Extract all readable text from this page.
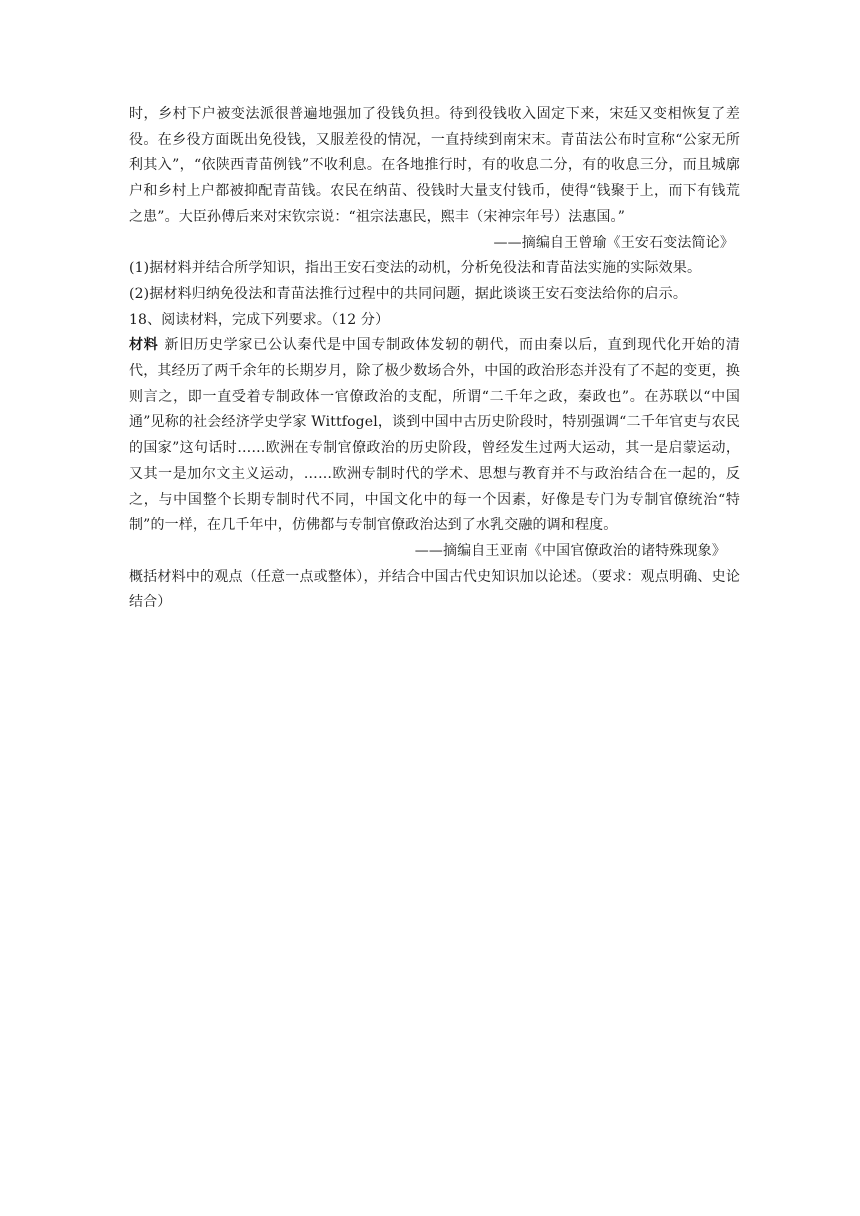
时，乡村下户被变法派很普遍地强加了役钱负担。待到役钱收入固定下来，宋廷又变相恢复了差役。在乡役方面既出免役钱，又服差役的情况，一直持续到南宋末。青苗法公布时宣称“公家无所利其入”，“依陕西青苗例钱”不收利息。在各地推行时，有的收息二分，有的收息三分，而且城廓户和乡村上户都被抑配青苗钱。农民在纳苗、役钱时大量支付钱币，使得“钱聚于上，而下有钱荒之患”。大臣孙傅后来对宋钦宗说：“祖宗法惠民，熙丰（宋神宗年号）法惠国。”

——摘编自王曾瑜《王安石变法简论》

(1)据材料并结合所学知识，指出王安石变法的动机，分析免役法和青苗法实施的实际效果。

(2)据材料归纳免役法和青苗法推行过程中的共同问题，据此谈谈王安石变法给你的启示。

18、阅读材料，完成下列要求。（12 分）

材料 新旧历史学家已公认秦代是中国专制政体发轫的朝代，而由秦以后，直到现代化开始的清代，其经历了两千余年的长期岁月，除了极少数场合外，中国的政治形态并没有了不起的变更，换则言之，即一直受着专制政体一官僚政治的支配，所谓“二千年之政，秦政也”。在苏联以“中国通”见称的社会经济学史学家 Wittfogel，谈到中国中古历史阶段时，特别强调“二千年官吏与农民的国家”这句话时……欧洲在专制官僚政治的历史阶段，曾经发生过两大运动，其一是启蒙运动，又其一是加尔文主义运动，……欧洲专制时代的学术、思想与教育并不与政治结合在一起的，反之，与中国整个长期专制时代不同，中国文化中的每一个因素，好像是专门为专制官僚统治“特制”的一样，在几千年中，仿佛都与专制官僚政治达到了水乳交融的调和程度。

——摘编自王亚南《中国官僚政治的诸特殊现象》

概括材料中的观点（任意一点或整体），并结合中国古代史知识加以论述。（要求：观点明确、史论结合）
